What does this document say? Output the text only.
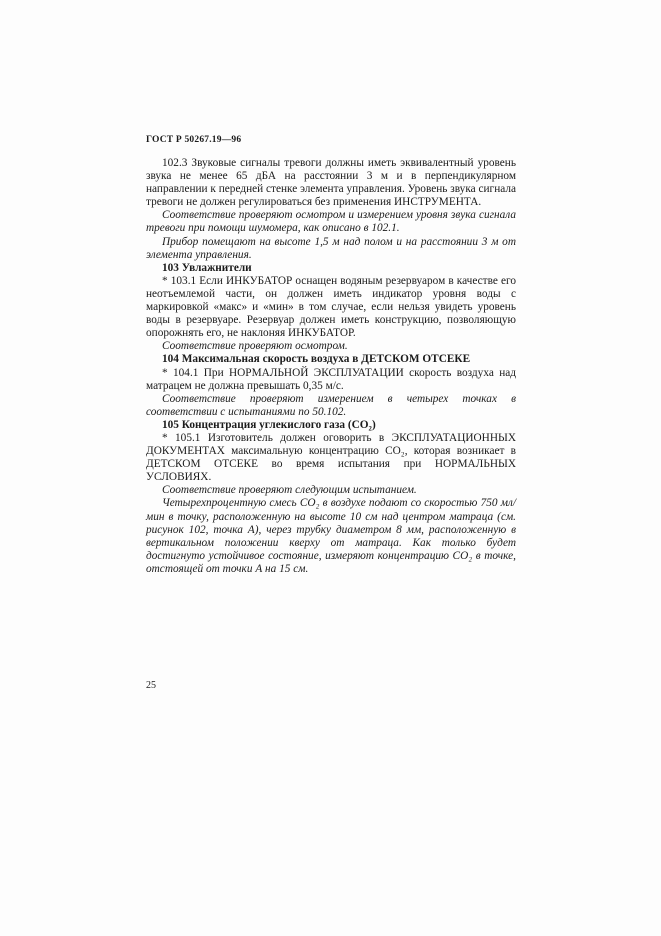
ГОСТ Р 50267.19—96

102.3 Звуковые сигналы тревоги должны иметь эквивалентный уровень звука не менее 65 дБА на расстоянии 3 м и в перпендикулярном направлении к передней стенке элемента управления. Уровень звука сигнала тревоги не должен регулироваться без применения ИНСТРУМЕНТА.

Соответствие проверяют осмотром и измерением уровня звука сигнала тревоги при помощи шумомера, как описано в 102.1.

Прибор помещают на высоте 1,5 м над полом и на расстоянии 3 м от элемента управления.

103 Увлажнители

* 103.1 Если ИНКУБАТОР оснащен водяным резервуаром в качестве его неотъемлемой части, он должен иметь индикатор уровня воды с маркировкой «макс» и «мин» в том случае, если нельзя увидеть уровень воды в резервуаре. Резервуар должен иметь конструкцию, позволяющую опорожнять его, не наклоняя ИНКУБАТОР.

Соответствие проверяют осмотром.

104 Максимальная скорость воздуха в ДЕТСКОМ ОТСЕКЕ

* 104.1 При НОРМАЛЬНОЙ ЭКСПЛУАТАЦИИ скорость воздуха над матрацем не должна превышать 0,35 м/с.

Соответствие проверяют измерением в четырех точках в соответствии с испытаниями по 50.102.

105 Концентрация углекислого газа (CO₂)

* 105.1 Изготовитель должен оговорить в ЭКСПЛУАТАЦИОННЫХ ДОКУМЕНТАХ максимальную концентрацию CO₂, которая возникает в ДЕТСКОМ ОТСЕКЕ во время испытания при НОРМАЛЬНЫХ УСЛОВИЯХ.

Соответствие проверяют следующим испытанием.

Четырехпроцентную смесь CO₂ в воздухе подают со скоростью 750 мл/мин в точку, расположенную на высоте 10 см над центром матраца (см. рисунок 102, точка А), через трубку диаметром 8 мм, расположенную в вертикальном положении кверху от матраца. Как только будет достигнуто устойчивое состояние, измеряют концентрацию CO₂ в точке, отстоящей от точки А на 15 см.

25
